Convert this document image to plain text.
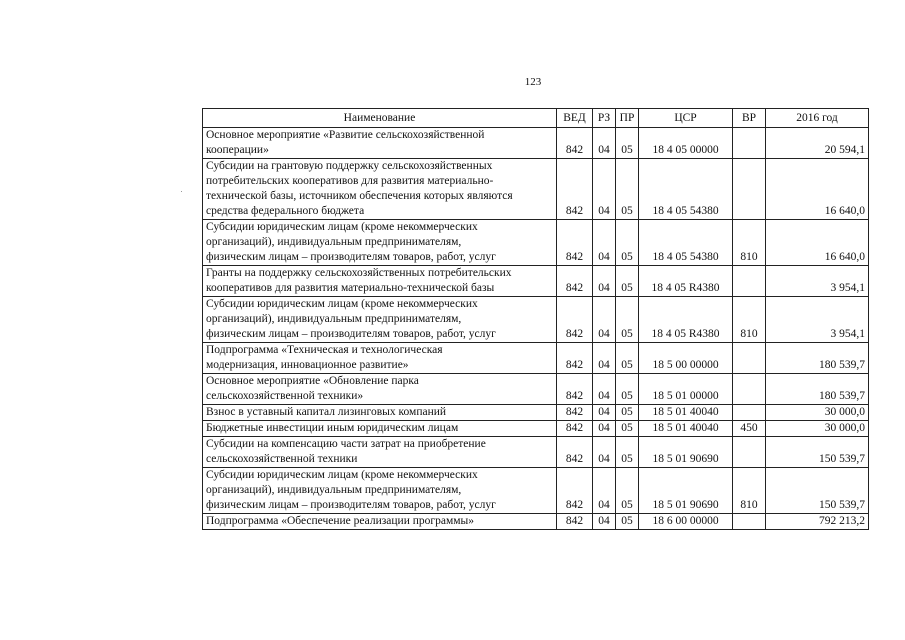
123
Наименование	ВЕД	РЗ	ПР	ЦСР	ВР	2016 год
Основное мероприятие «Развитие сельскохозяйственной
кооперации»	842	04	05	18 4 05 00000		20 594,1
Субсидии на грантовую поддержку сельскохозяйственных
потребительских кооперативов для развития материально-
технической базы, источником обеспечения которых являются
средства федерального бюджета	842	04	05	18 4 05 54380		16 640,0
Субсидии юридическим лицам (кроме некоммерческих
организаций), индивидуальным предпринимателям,
физическим лицам – производителям товаров, работ, услуг	842	04	05	18 4 05 54380	810	16 640,0
Гранты на поддержку сельскохозяйственных потребительских
кооперативов для развития материально-технической базы	842	04	05	18 4 05 R4380		3 954,1
Субсидии юридическим лицам (кроме некоммерческих
организаций), индивидуальным предпринимателям,
физическим лицам – производителям товаров, работ, услуг	842	04	05	18 4 05 R4380	810	3 954,1
Подпрограмма «Техническая и технологическая
модернизация, инновационное развитие»	842	04	05	18 5 00 00000		180 539,7
Основное мероприятие «Обновление парка
сельскохозяйственной техники»	842	04	05	18 5 01 00000		180 539,7
Взнос в уставный капитал лизинговых компаний	842	04	05	18 5 01 40040		30 000,0
Бюджетные инвестиции иным юридическим лицам	842	04	05	18 5 01 40040	450	30 000,0
Субсидии на компенсацию части затрат на приобретение
сельскохозяйственной техники	842	04	05	18 5 01 90690		150 539,7
Субсидии юридическим лицам (кроме некоммерческих
организаций), индивидуальным предпринимателям,
физическим лицам – производителям товаров, работ, услуг	842	04	05	18 5 01 90690	810	150 539,7
Подпрограмма «Обеспечение реализации программы»	842	04	05	18 6 00 00000		792 213,2
